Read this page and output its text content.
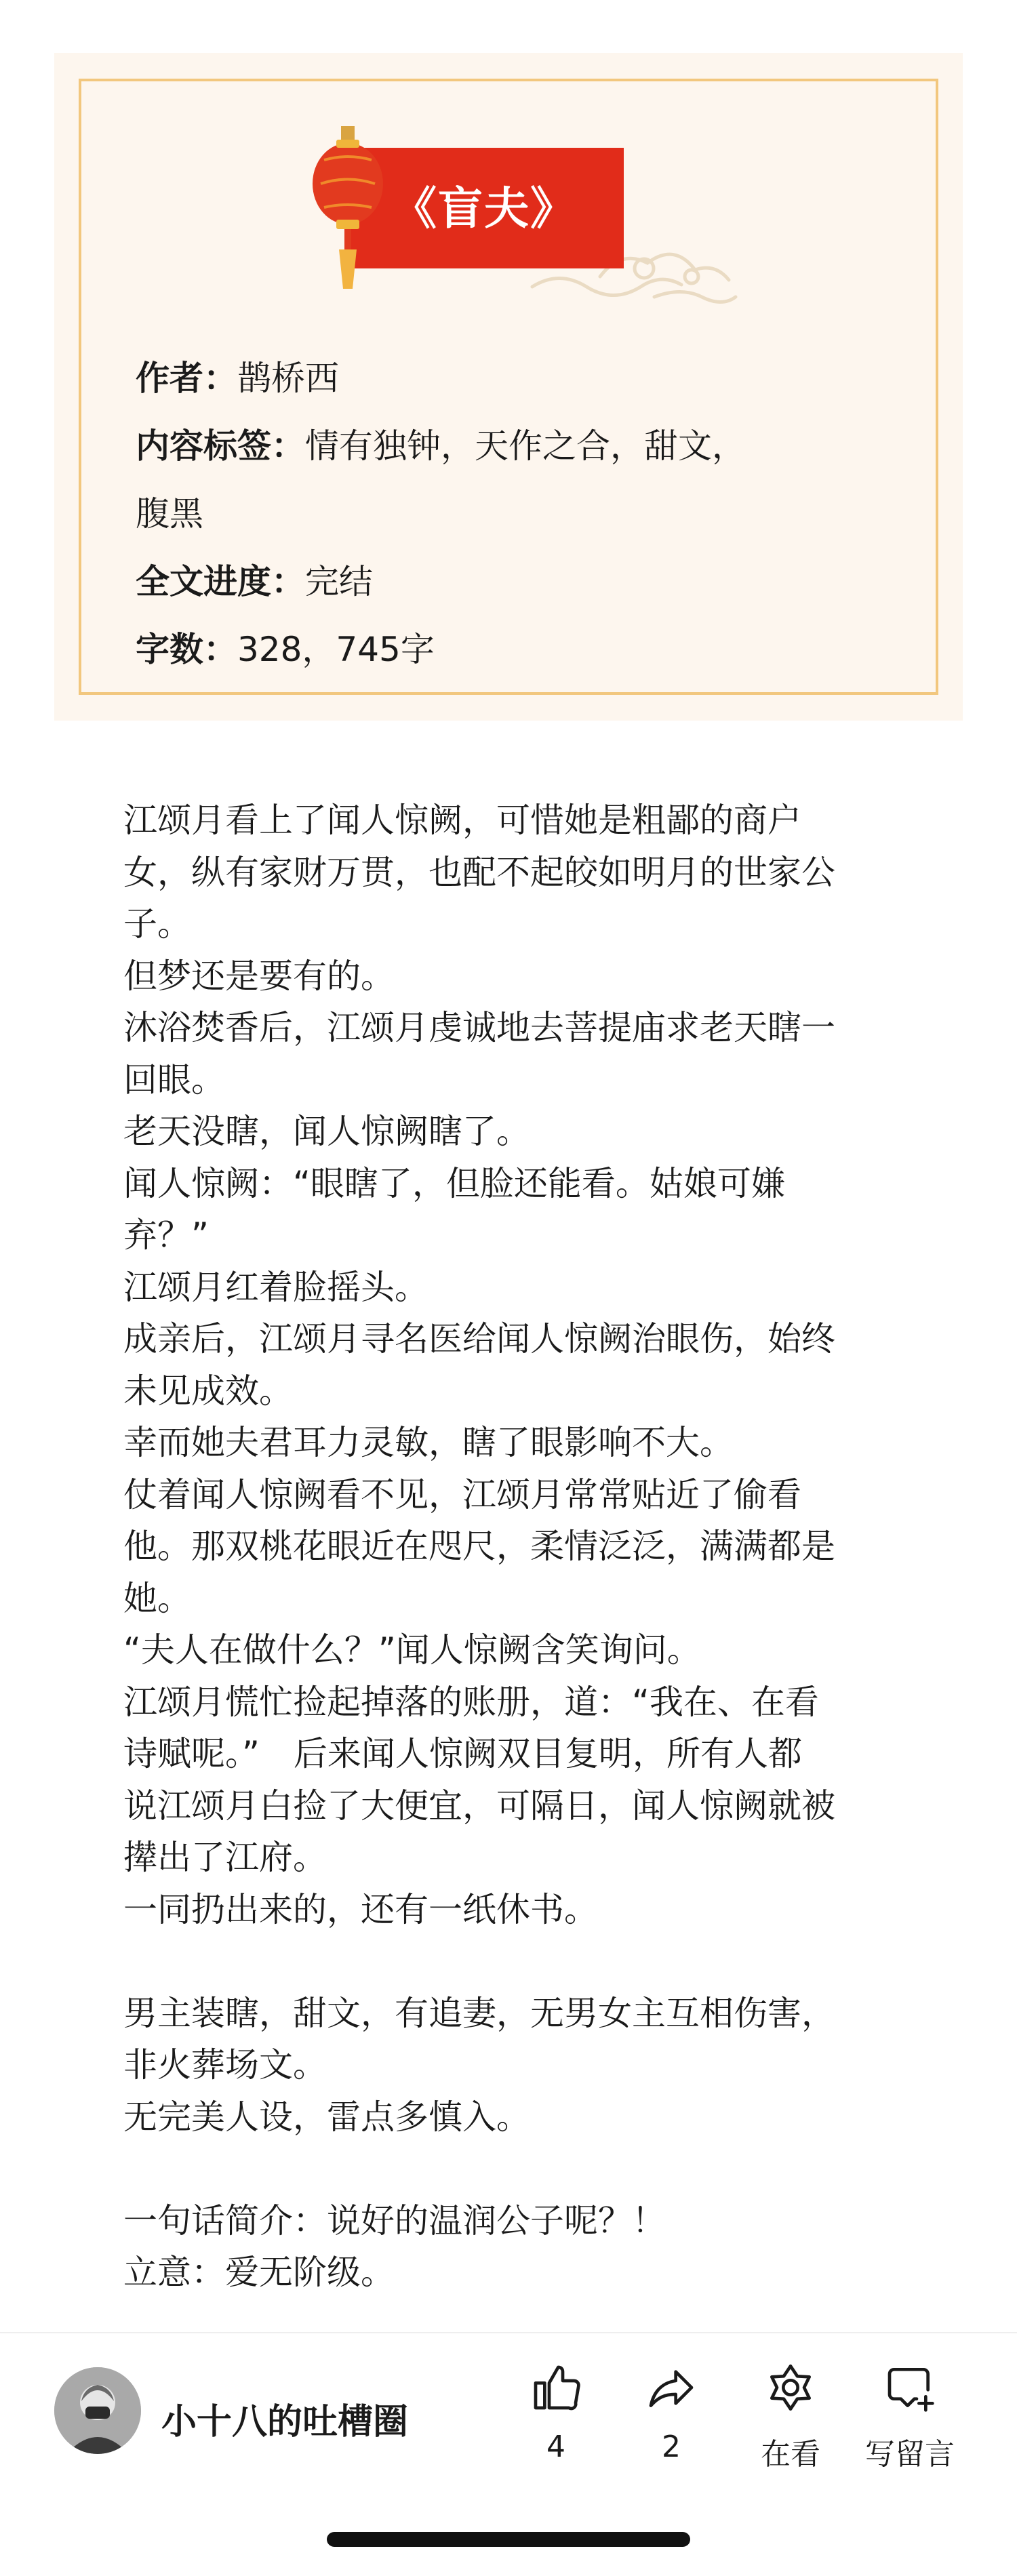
《盲夫》
作者：鹊桥西
内容标签：情有独钟，天作之合，甜文，
腹黑
全文进度：完结
字数：328，745字
江颂月看上了闻人惊阙，可惜她是粗鄙的商户
女，纵有家财万贯，也配不起皎如明月的世家公
子。
但梦还是要有的。
沐浴焚香后，江颂月虔诚地去菩提庙求老天瞎一
回眼。
老天没瞎，闻人惊阙瞎了。
闻人惊阙：“眼瞎了，但脸还能看。姑娘可嫌
弃？”
江颂月红着脸摇头。
成亲后，江颂月寻名医给闻人惊阙治眼伤，始终
未见成效。
幸而她夫君耳力灵敏，瞎了眼影响不大。
仗着闻人惊阙看不见，江颂月常常贴近了偷看
他。那双桃花眼近在咫尺，柔情泛泛，满满都是
她。
“夫人在做什么？”闻人惊阙含笑询问。
江颂月慌忙捡起掉落的账册，道：“我在、在看
诗赋呢。”　后来闻人惊阙双目复明，所有人都
说江颂月白捡了大便宜，可隔日，闻人惊阙就被
撵出了江府。
一同扔出来的，还有一纸休书。
男主装瞎，甜文，有追妻，无男女主互相伤害，
非火葬场文。
无完美人设，雷点多慎入。
一句话简介：说好的温润公子呢？！
立意：爱无阶级。
小十八的吐槽圈
4	2	在看	写留言
